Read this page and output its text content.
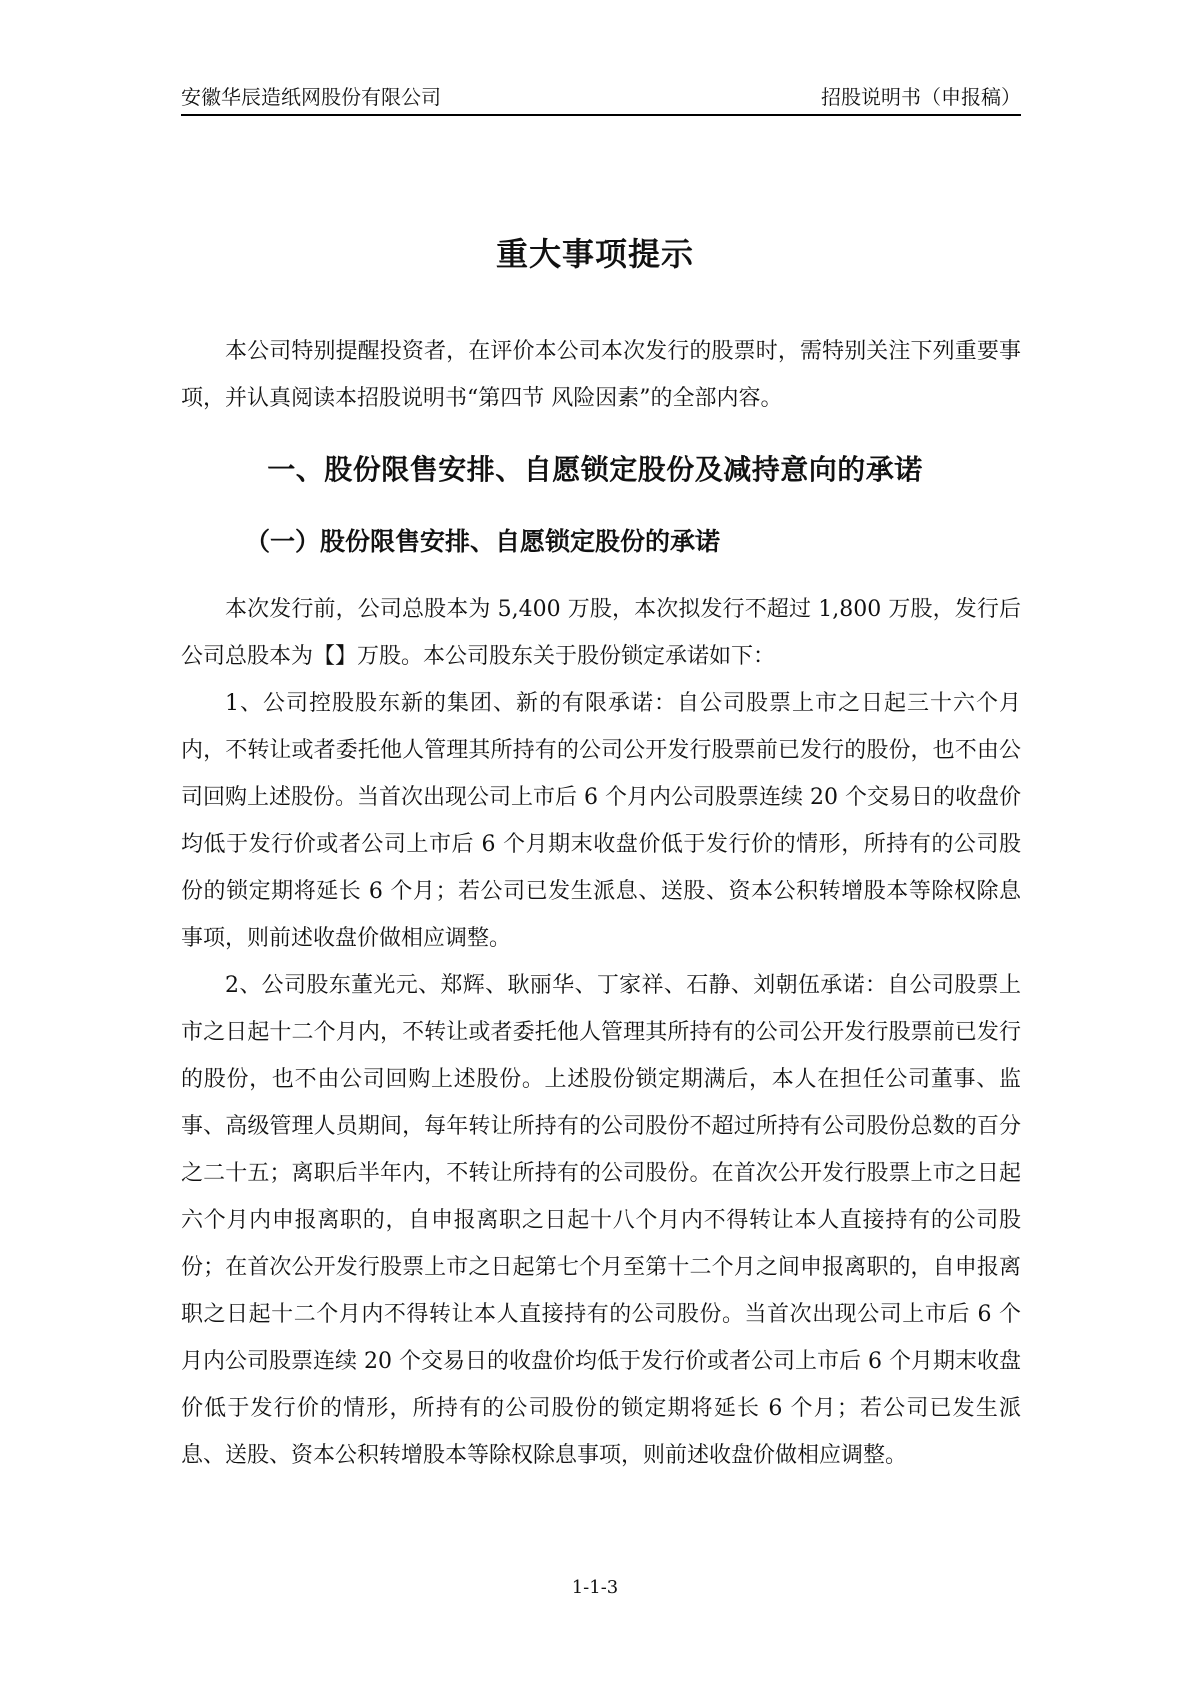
安徽华辰造纸网股份有限公司	招股说明书（申报稿）
重大事项提示

本公司特别提醒投资者，在评价本公司本次发行的股票时，需特别关注下列重要事项，并认真阅读本招股说明书“第四节 风险因素”的全部内容。

一、股份限售安排、自愿锁定股份及减持意向的承诺
（一）股份限售安排、自愿锁定股份的承诺

本次发行前，公司总股本为 5,400 万股，本次拟发行不超过 1,800 万股，发行后公司总股本为【】万股。本公司股东关于股份锁定承诺如下：

1、公司控股股东新的集团、新的有限承诺：自公司股票上市之日起三十六个月内，不转让或者委托他人管理其所持有的公司公开发行股票前已发行的股份，也不由公司回购上述股份。当首次出现公司上市后 6 个月内公司股票连续 20 个交易日的收盘价均低于发行价或者公司上市后 6 个月期末收盘价低于发行价的情形，所持有的公司股份的锁定期将延长 6 个月；若公司已发生派息、送股、资本公积转增股本等除权除息事项，则前述收盘价做相应调整。

2、公司股东董光元、郑辉、耿丽华、丁家祥、石静、刘朝伍承诺：自公司股票上市之日起十二个月内，不转让或者委托他人管理其所持有的公司公开发行股票前已发行的股份，也不由公司回购上述股份。上述股份锁定期满后，本人在担任公司董事、监事、高级管理人员期间，每年转让所持有的公司股份不超过所持有公司股份总数的百分之二十五；离职后半年内，不转让所持有的公司股份。在首次公开发行股票上市之日起六个月内申报离职的，自申报离职之日起十八个月内不得转让本人直接持有的公司股份；在首次公开发行股票上市之日起第七个月至第十二个月之间申报离职的，自申报离职之日起十二个月内不得转让本人直接持有的公司股份。当首次出现公司上市后 6 个月内公司股票连续 20 个交易日的收盘价均低于发行价或者公司上市后 6 个月期末收盘价低于发行价的情形，所持有的公司股份的锁定期将延长 6 个月；若公司已发生派息、送股、资本公积转增股本等除权除息事项，则前述收盘价做相应调整。

1-1-3
